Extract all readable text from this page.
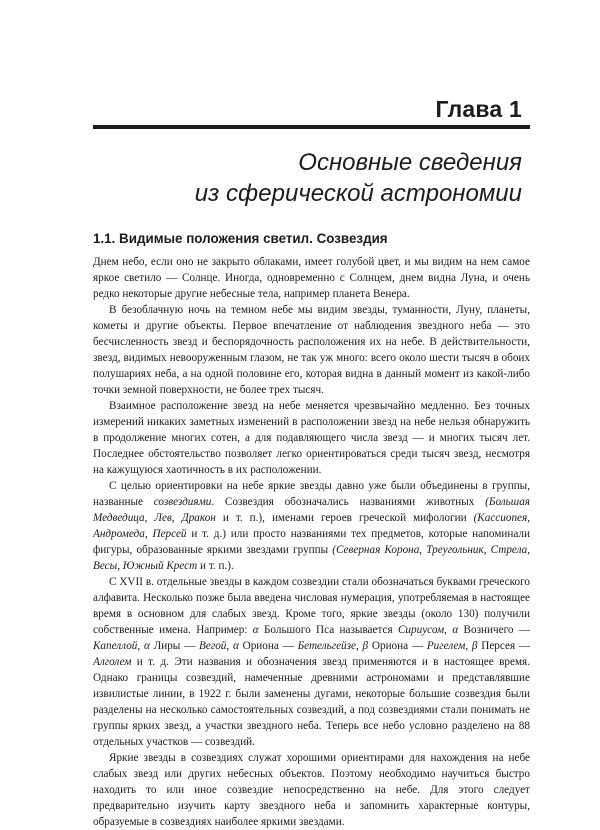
Глава 1
Основные сведения
из сферической астрономии
1.1. Видимые положения светил. Созвездия

Днем небо, если оно не закрыто облаками, имеет голубой цвет, и мы видим на нем самое яркое светило — Солнце. Иногда, одновременно с Солнцем, днем видна Луна, и очень редко некоторые другие небесные тела, например планета Венера.

В безоблачную ночь на темном небе мы видим звезды, туманности, Луну, планеты, кометы и другие объекты. Первое впечатление от наблюдения звездного неба — это бесчисленность звезд и беспорядочность расположения их на небе. В действительности, звезд, видимых невооруженным глазом, не так уж много: всего около шести тысяч в обоих полушариях неба, а на одной половине его, которая видна в данный момент из какой-либо точки земной поверхности, не более трех тысяч.

Взаимное расположение звезд на небе меняется чрезвычайно медленно. Без точных измерений никаких заметных изменений в расположении звезд на небе нельзя обнаружить в продолжение многих сотен, а для подавляющего числа звезд — и многих тысяч лет. Последнее обстоятельство позволяет легко ориентироваться среди тысяч звезд, несмотря на кажущуюся хаотичность в их расположении.

С целью ориентировки на небе яркие звезды давно уже были объединены в группы, названные созвездиями. Созвездия обозначались названиями животных (Большая Медведица, Лев, Дракон и т. п.), именами героев греческой мифологии (Кассиопея, Андромеда, Персей и т. д.) или просто названиями тех предметов, которые напоминали фигуры, образованные яркими звездами группы (Северная Корона, Треугольник, Стрела, Весы, Южный Крест и т. п.).

С XVII в. отдельные звезды в каждом созвездии стали обозначаться буквами греческого алфавита. Несколько позже была введена числовая нумерация, употребляемая в настоящее время в основном для слабых звезд. Кроме того, яркие звезды (около 130) получили собственные имена. Например: α Большого Пса называется Сириусом, α Возничего — Капеллой, α Лиры — Вегой, α Ориона — Бетельгейзе, β Ориона — Ригелем, β Персея — Алголем и т. д. Эти названия и обозначения звезд применяются и в настоящее время. Однако границы созвездий, намеченные древними астрономами и представлявшие извилистые линии, в 1922 г. были заменены дугами, некоторые большие созвездия были разделены на несколько самостоятельных созвездий, а под созвездиями стали понимать не группы ярких звезд, а участки звездного неба. Теперь все небо условно разделено на 88 отдельных участков — созвездий.

Яркие звезды в созвездиях служат хорошими ориентирами для нахождения на небе слабых звезд или других небесных объектов. Поэтому необходимо научиться быстро находить то или иное созвездие непосредственно на небе. Для этого следует предварительно изучить карту звездного неба и запомнить характерные контуры, образуемые в созвездиях наиболее яркими звездами.
